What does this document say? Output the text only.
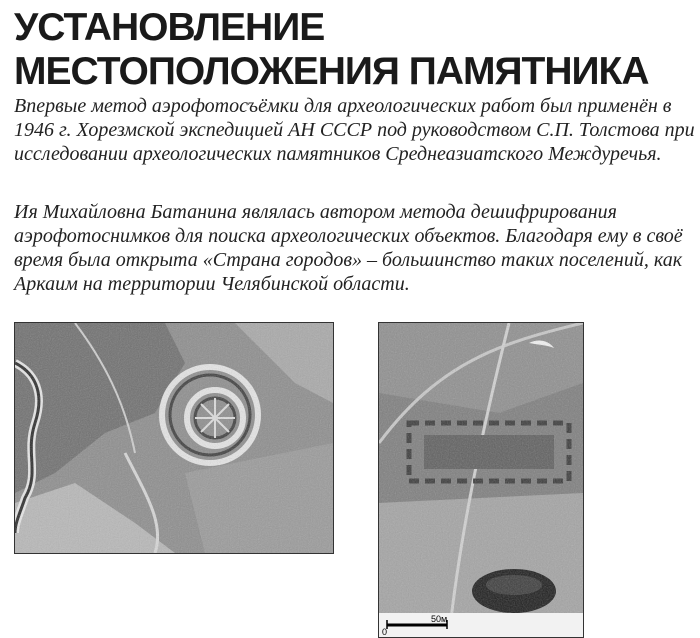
УСТАНОВЛЕНИЕ
МЕСТОПОЛОЖЕНИЯ ПАМЯТНИКА

Впервые метод аэрофотосъёмки для археологических работ был применён в 1946 г. Хорезмской экспедицией АН СССР под руководством С.П. Толстова при исследовании археологических памятников Среднеазиатского Междуречья.

Ия Михайловна Батанина являлась автором метода дешифрирования аэрофотоснимков для поиска археологических объектов. Благодаря ему в своё время была открыта «Страна городов» – большинство таких поселений, как Аркаим на территории Челябинской области.

0
50м
